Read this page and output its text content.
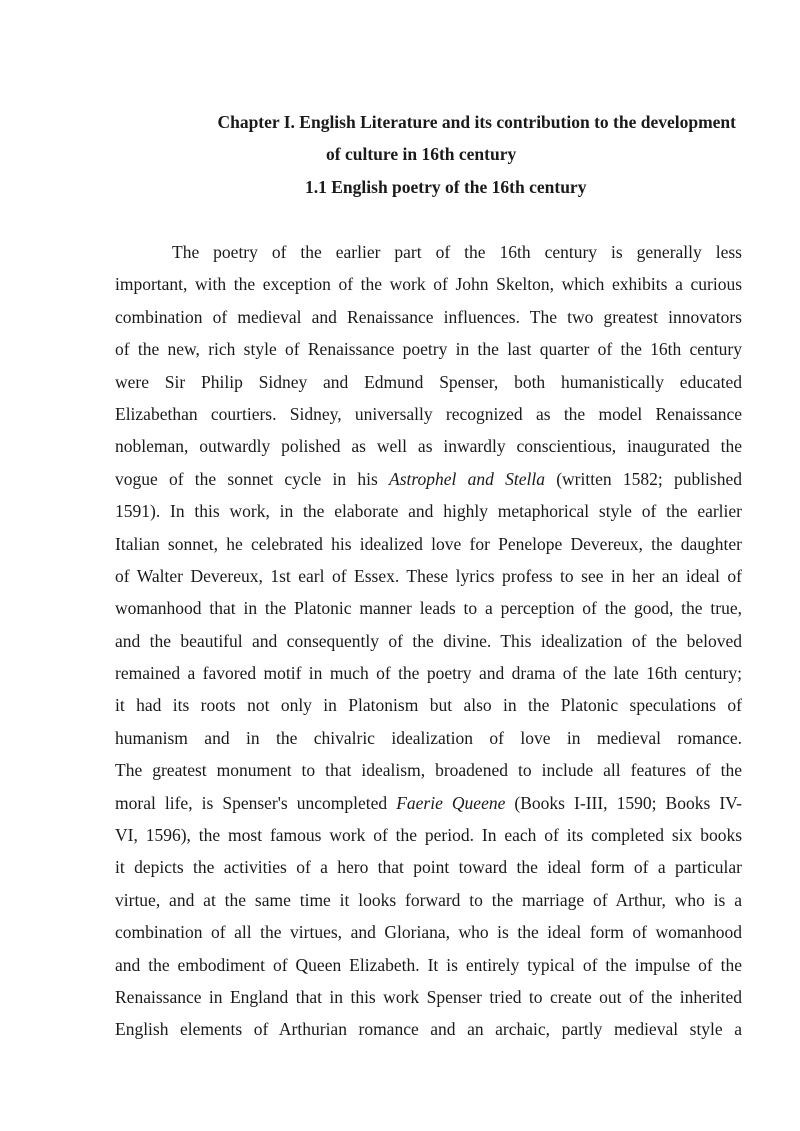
Chapter I. English Literature and its contribution to the development

of culture in 16th century

1.1 English poetry of the 16th century

The poetry of the earlier part of the 16th century is generally less
important, with the exception of the work of John Skelton, which exhibits a curious
combination of medieval and Renaissance influences. The two greatest innovators
of the new, rich style of Renaissance poetry in the last quarter of the 16th century
were Sir Philip Sidney and Edmund Spenser, both humanistically educated
Elizabethan courtiers. Sidney, universally recognized as the model Renaissance
nobleman, outwardly polished as well as inwardly conscientious, inaugurated the
vogue of the sonnet cycle in his Astrophel and Stella (written 1582; published
1591). In this work, in the elaborate and highly metaphorical style of the earlier
Italian sonnet, he celebrated his idealized love for Penelope Devereux, the daughter
of Walter Devereux, 1st earl of Essex. These lyrics profess to see in her an ideal of
womanhood that in the Platonic manner leads to a perception of the good, the true,
and the beautiful and consequently of the divine. This idealization of the beloved
remained a favored motif in much of the poetry and drama of the late 16th century;
it had its roots not only in Platonism but also in the Platonic speculations of
humanism and in the chivalric idealization of love in medieval romance.
The greatest monument to that idealism, broadened to include all features of the
moral life, is Spenser's uncompleted Faerie Queene (Books I-III, 1590; Books IV-
VI, 1596), the most famous work of the period. In each of its completed six books
it depicts the activities of a hero that point toward the ideal form of a particular
virtue, and at the same time it looks forward to the marriage of Arthur, who is a
combination of all the virtues, and Gloriana, who is the ideal form of womanhood
and the embodiment of Queen Elizabeth. It is entirely typical of the impulse of the
Renaissance in England that in this work Spenser tried to create out of the inherited
English elements of Arthurian romance and an archaic, partly medieval style a
